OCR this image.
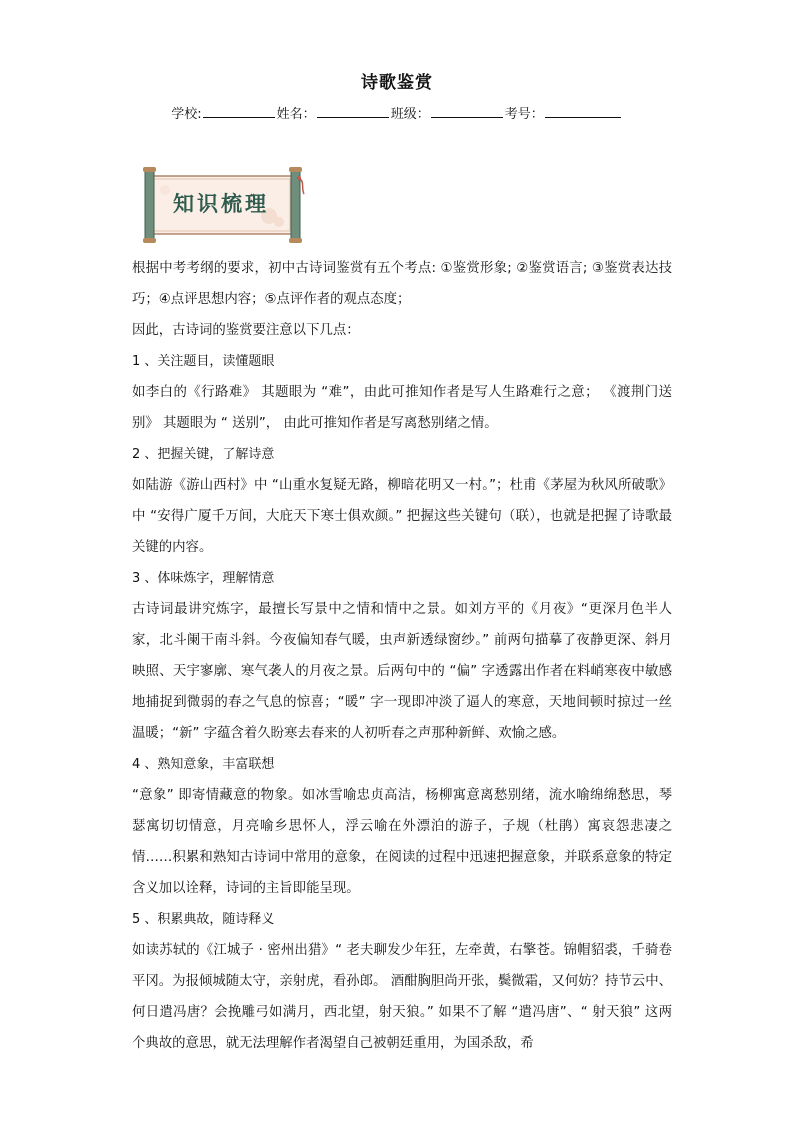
诗歌鉴赏
学校:	姓名：	班级：	考号：
知识梳理

根据中考考纲的要求，初中古诗词鉴赏有五个考点: ①鉴赏形象; ②鉴赏语言; ③鉴赏表达技巧；④点评思想内容；⑤点评作者的观点态度；

因此，古诗词的鉴赏要注意以下几点：

1 、关注题目，读懂题眼

如李白的《行路难》 其题眼为 “难”，由此可推知作者是写人生路难行之意； 《渡荆门送别》 其题眼为 “ 送别”， 由此可推知作者是写离愁别绪之情。

2 、把握关键，了解诗意

如陆游《游山西村》中 “山重水复疑无路，柳暗花明又一村。”；杜甫《茅屋为秋风所破歌》中 “安得广厦千万间，大庇天下寒士俱欢颜。” 把握这些关键句（联），也就是把握了诗歌最关键的内容。

3 、体味炼字，理解情意

古诗词最讲究炼字，最擅长写景中之情和情中之景。如刘方平的《月夜》“更深月色半人家，北斗阑干南斗斜。今夜偏知春气暖，虫声新透绿窗纱。” 前两句描摹了夜静更深、斜月映照、天宇寥廓、寒气袭人的月夜之景。后两句中的 “偏” 字透露出作者在料峭寒夜中敏感地捕捉到微弱的春之气息的惊喜；“暖” 字一现即冲淡了逼人的寒意，天地间顿时掠过一丝温暖；“新” 字蕴含着久盼寒去春来的人初听春之声那种新鲜、欢愉之感。

4 、熟知意象，丰富联想

“意象” 即寄情藏意的物象。如冰雪喻忠贞高洁，杨柳寓意离愁别绪，流水喻绵绵愁思，琴瑟寓切切情意，月亮喻乡思怀人，浮云喻在外漂泊的游子，子规（杜鹃）寓哀怨悲凄之情……积累和熟知古诗词中常用的意象，在阅读的过程中迅速把握意象，并联系意象的特定含义加以诠释，诗词的主旨即能呈现。

5 、积累典故，随诗释义

如读苏轼的《江城子 · 密州出猎》“ 老夫聊发少年狂，左牵黄，右擎苍。锦帽貂裘，千骑卷平冈。为报倾城随太守，亲射虎，看孙郎。 酒酣胸胆尚开张，鬓微霜，又何妨？持节云中、何日遣冯唐？会挽雕弓如满月，西北望，射天狼。” 如果不了解 “遣冯唐”、“ 射天狼” 这两个典故的意思，就无法理解作者渴望自己被朝廷重用，为国杀敌，希
